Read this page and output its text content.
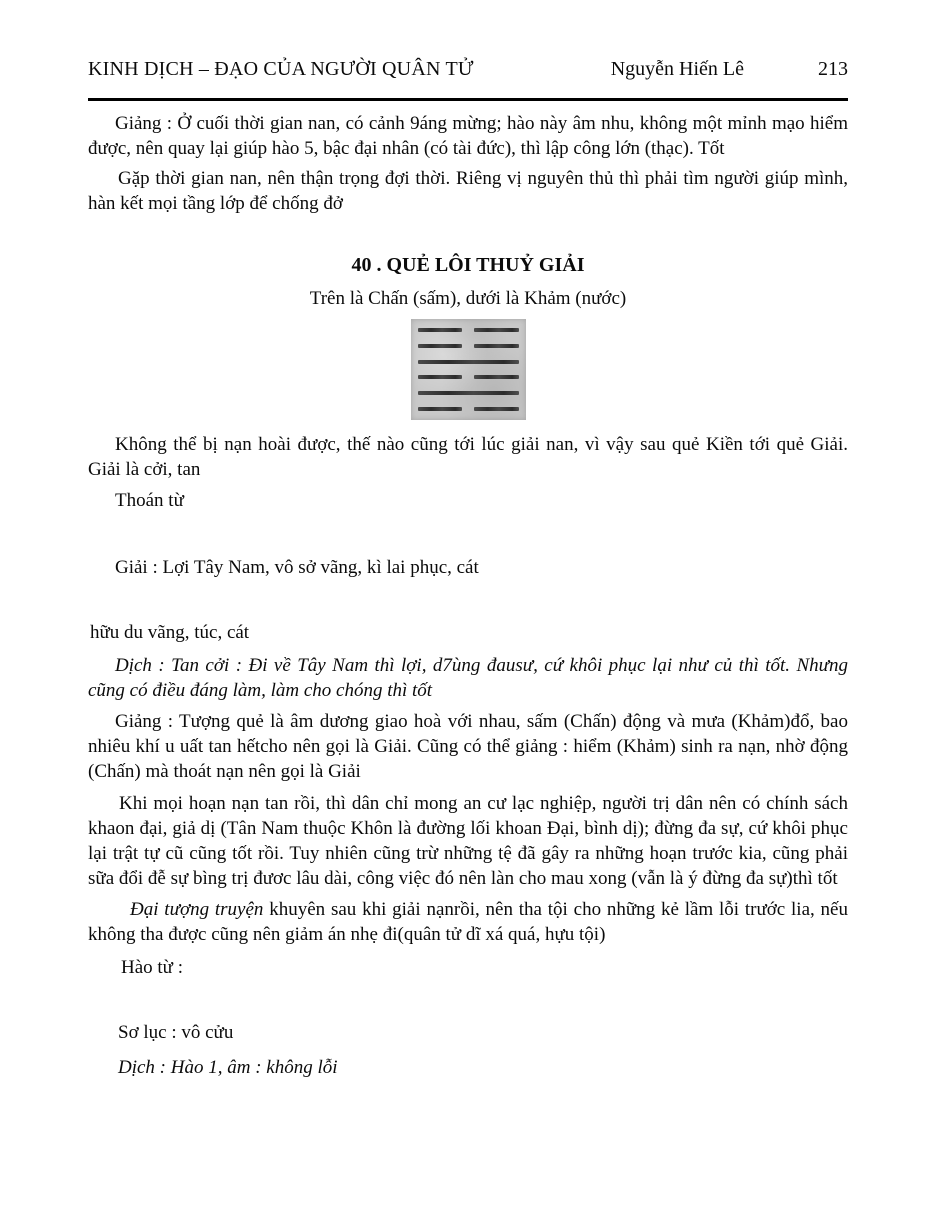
KINH DỊCH – ĐẠO CỦA NGƯỜI QUÂN TỬ	Nguyễn Hiến Lê	213

Giảng : Ở cuối thời gian nan, có cảnh 9áng mừng; hào này âm nhu, không một mỉnh mạo hiểm được, nên quay lại giúp hào 5, bậc đại nhân (có tài đức), thì lập công lớn (thạc). Tốt

Gặp thời gian nan, nên thận trọng đợi thời. Riêng vị nguyên thủ thì phải tìm người giúp mình, hàn kết mọi tầng lớp để chống đở

40 . QUẺ LÔI THUỶ GIẢI

Trên là Chấn (sấm), dưới là Khảm (nước)

Không thể bị nạn hoài được, thế nào cũng tới lúc giải nan, vì vậy sau quẻ Kiền tới quẻ Giải. Giải là cởi, tan

Thoán từ

Giải : Lợi Tây Nam, vô sở vãng, kì lai phục, cát

hữu du vãng, túc, cát

Dịch : Tan cởi : Đi về Tây Nam thì lợi, d7ùng đausư, cứ khôi phục lại như củ thì tốt. Nhưng cũng có điều đáng làm, làm cho chóng thì tốt

Giảng : Tượng quẻ là âm dương giao hoà với nhau, sấm (Chấn) động và mưa (Khảm)đổ, bao nhiêu khí u uất tan hếtcho nên gọi là Giải. Cũng có thể giảng : hiểm (Khảm) sinh ra nạn, nhờ động (Chấn) mà thoát nạn nên gọi là Giải

Khi mọi hoạn nạn tan rồi, thì dân chỉ mong an cư lạc nghiệp, người trị dân nên có chính sách khaon đại, giả dị (Tân Nam thuộc Khôn là đường lối khoan Đại, bình dị); đừng đa sự, cứ khôi phục lại trật tự cũ cũng tốt rồi. Tuy nhiên cũng trừ những tệ đã gây ra những hoạn trước kia, cũng phải sữa đổi đễ sự bìng trị đươc lâu dài, công việc đó nên làn cho mau xong (vẫn là ý đừng đa sự)thì tốt

Đại tượng truyện khuyên sau khi giải nạnrồi, nên tha tội cho những kẻ lầm lỗi trước lia, nếu không tha được cũng nên giảm án nhẹ đi(quân tử dĩ xá quá, hựu tội)

Hào từ :

Sơ lục : vô cửu

Dịch : Hào 1, âm : không lỗi
